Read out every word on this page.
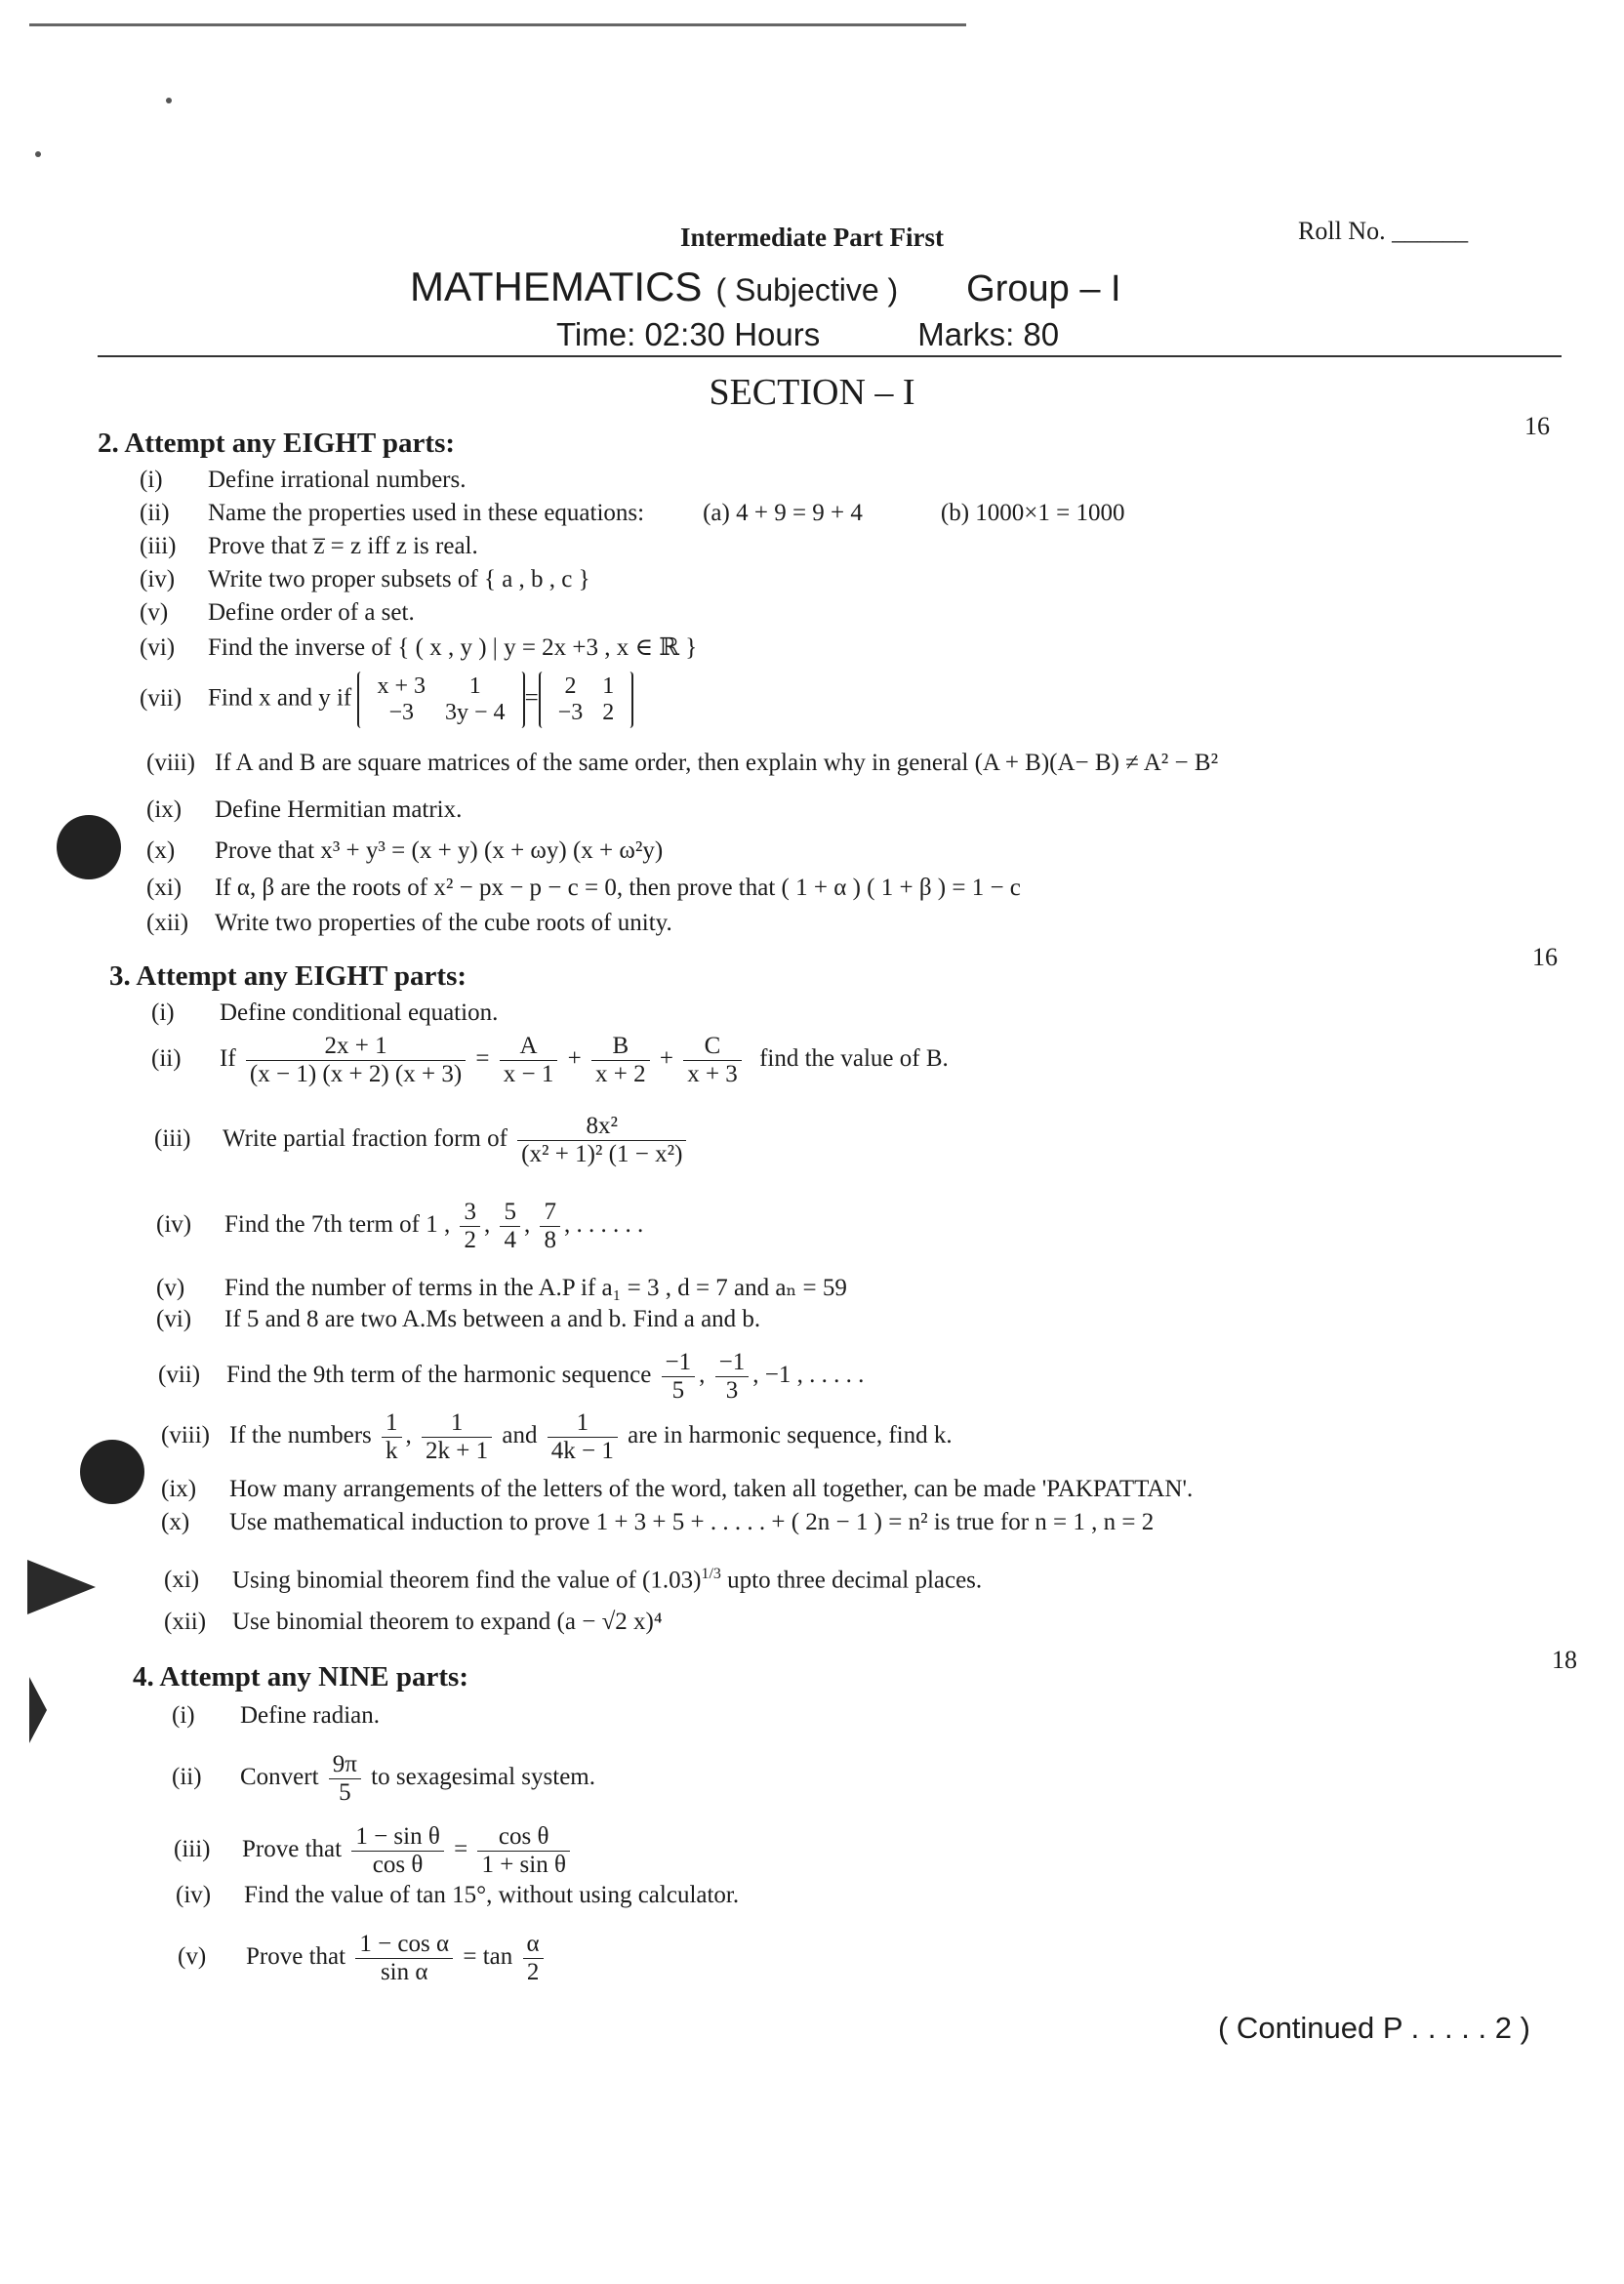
Intermediate Part First	Roll No. ______
MATHEMATICS ( Subjective ) Group – I
Time: 02:30 Hours	Marks: 80
SECTION – I
16
2. Attempt any EIGHT parts:
(i) Define irrational numbers.
(ii) Name the properties used in these equations: (a) 4 + 9 = 9 + 4	(b) 1000×1 = 1000
(iii) Prove that z̅ = z iff z is real.
(iv) Write two proper subsets of { a , b , c }
(v) Define order of a set.
(vi) Find the inverse of { ( x , y ) | y = 2x +3 , x ∈ ℝ }
(vii) Find x and y if x + 3	1
−3	3y − 4
= 2	1
−3	2
(viii) If A and B are square matrices of the same order, then explain why in general (A + B)(A− B) ≠ A² − B²
(ix) Define Hermitian matrix.
(x) Prove that x³ + y³ = (x + y) (x + ωy) (x + ω²y)
(xi) If α, β are the roots of x² − px − p − c = 0, then prove that ( 1 + α ) ( 1 + β ) = 1 − c
(xii) Write two properties of the cube roots of unity.
16
3. Attempt any EIGHT parts:
(i) Define conditional equation.
(ii) If $\frac{2x + 1}{(x - 1) (x + 2) (x + 3)} = \frac{A}{x - 1} + \frac{B}{x + 2} + \frac{C}{x + 3}$ find the value of B.
(iii) Write partial fraction form of $\frac{\text{8x²}}{\text{(x² + 1)² (1 − x²)}}$
(iv) Find the 7th term of 1 , $\frac{3}{2}$ , $\frac{5}{4}$ , $\frac{7}{8}$ , . . . . . .
(v) Find the number of terms in the A.P if a₁ = 3 , d = 7 and aₙ = 59
(vi) If 5 and 8 are two A.Ms between a and b. Find a and b.
(vii) Find the 9th term of the harmonic sequence $\frac{-1}{5}$ , $\frac{-1}{3}$ , −1 , . . . . .
(viii) If the numbers $\frac{1}{k}$ , $\frac{1}{2k + 1}$ and $\frac{1}{4k - 1}$ are in harmonic sequence, find k.
(ix) How many arrangements of the letters of the word, taken all together, can be made 'PAKPATTAN'.
(x) Use mathematical induction to prove 1 + 3 + 5 + . . . . . + ( 2n − 1 ) = n² is true for n = 1 , n = 2
(xi) Using binomial theorem find the value of $(1.03)^{1/3}$ upto three decimal places.
(xii) Use binomial theorem to expand (a − √2 x)⁴
18
4. Attempt any NINE parts:
(i) Define radian.
(ii) Convert $\frac{9\pi}{5}$ to sexagesimal system.
(iii) Prove that $\frac{\text{1 − sin θ}}{\text{cos θ}} = \frac{\text{cos θ}}{\text{1 + sin θ}}$
(iv) Find the value of tan 15°, without using calculator.
(v) Prove that $\frac{\text{1 − cos α}}{\text{sin α}} = \tan \frac{\alpha}{2}$
( Continued P . . . . . 2 )
